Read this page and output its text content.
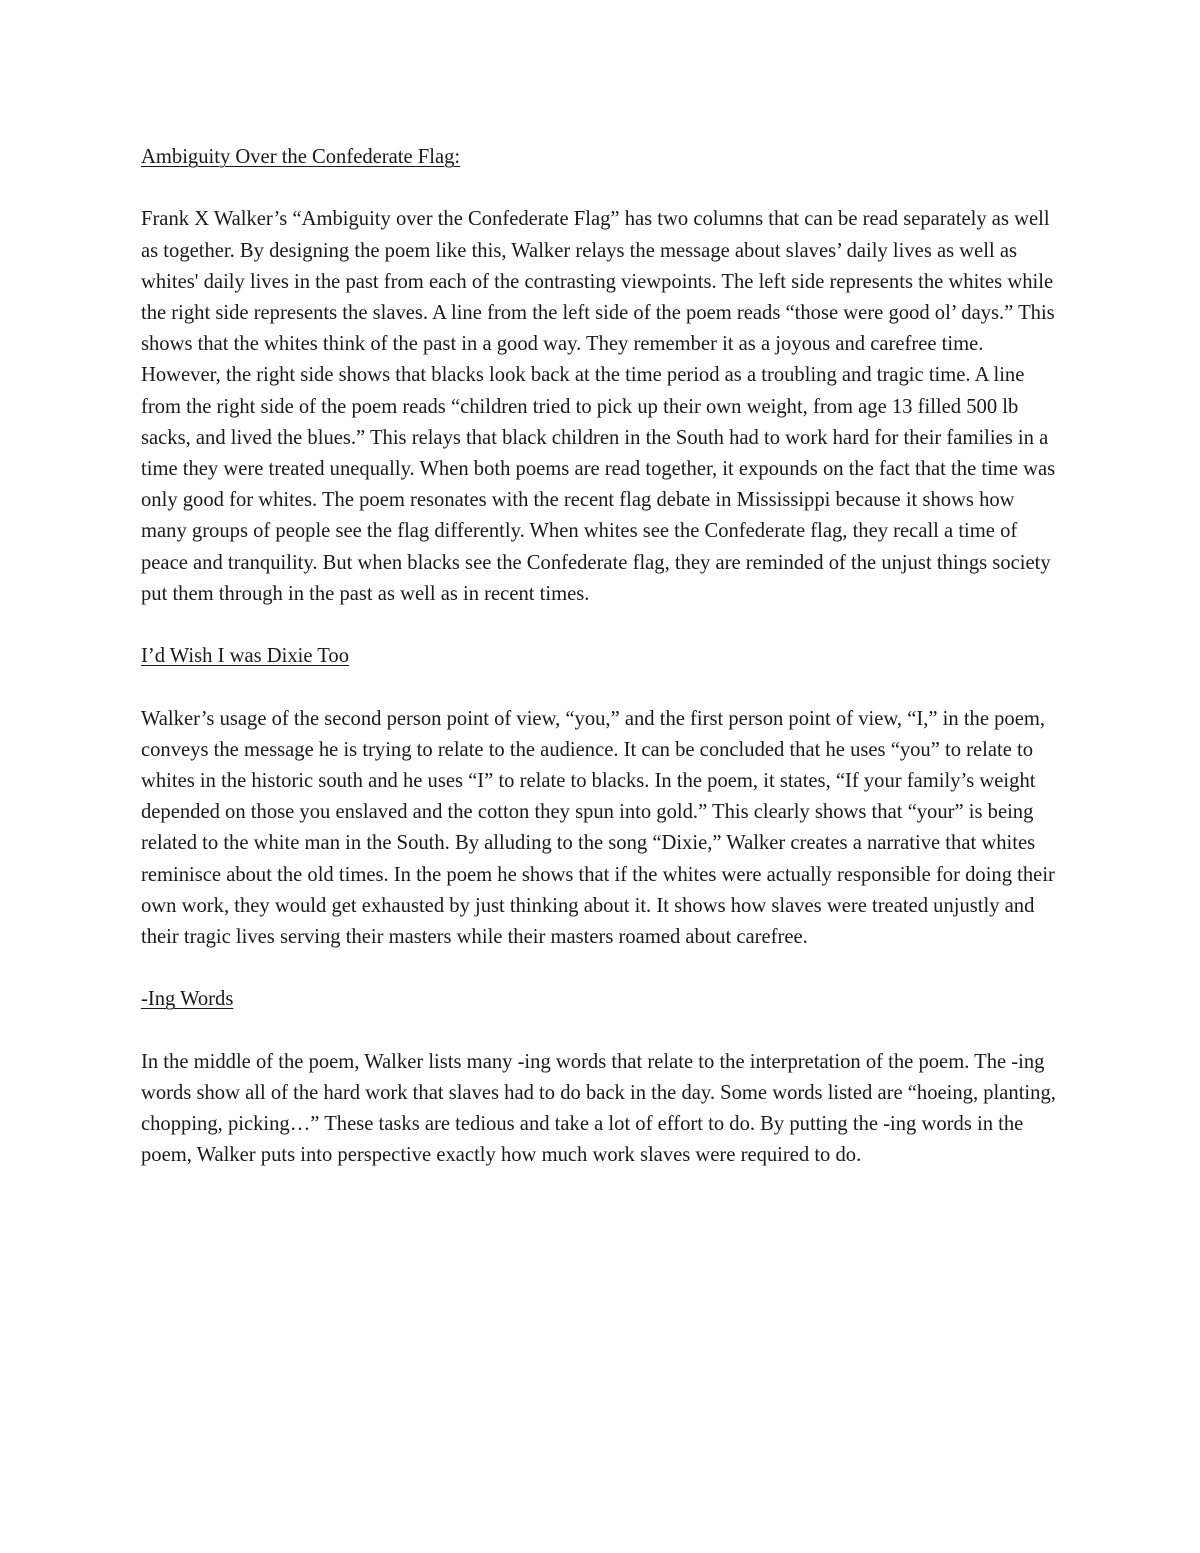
Ambiguity Over the Confederate Flag:

Frank X Walker’s “Ambiguity over the Confederate Flag” has two columns that can be read separately as well as together. By designing the poem like this, Walker relays the message about slaves’ daily lives as well as whites' daily lives in the past from each of the contrasting viewpoints. The left side represents the whites while the right side represents the slaves. A line from the left side of the poem reads “those were good ol’ days.” This shows that the whites think of the past in a good way. They remember it as a joyous and carefree time. However, the right side shows that blacks look back at the time period as a troubling and tragic time. A line from the right side of the poem reads “children tried to pick up their own weight, from age 13 filled 500 lb sacks, and lived the blues.” This relays that black children in the South had to work hard for their families in a time they were treated unequally. When both poems are read together, it expounds on the fact that the time was only good for whites. The poem resonates with the recent flag debate in Mississippi because it shows how many groups of people see the flag differently. When whites see the Confederate flag, they recall a time of peace and tranquility. But when blacks see the Confederate flag, they are reminded of the unjust things society put them through in the past as well as in recent times.

I’d Wish I was Dixie Too

Walker’s usage of the second person point of view, “you,” and the first person point of view, “I,” in the poem, conveys the message he is trying to relate to the audience. It can be concluded that he uses “you” to relate to whites in the historic south and he uses “I” to relate to blacks. In the poem, it states, “If your family’s weight depended on those you enslaved and the cotton they spun into gold.” This clearly shows that “your” is being related to the white man in the South. By alluding to the song “Dixie,” Walker creates a narrative that whites reminisce about the old times. In the poem he shows that if the whites were actually responsible for doing their own work, they would get exhausted by just thinking about it. It shows how slaves were treated unjustly and their tragic lives serving their masters while their masters roamed about carefree.

-Ing Words

In the middle of the poem, Walker lists many -ing words that relate to the interpretation of the poem. The -ing words show all of the hard work that slaves had to do back in the day. Some words listed are “hoeing, planting, chopping, picking…” These tasks are tedious and take a lot of effort to do. By putting the -ing words in the poem, Walker puts into perspective exactly how much work slaves were required to do.
